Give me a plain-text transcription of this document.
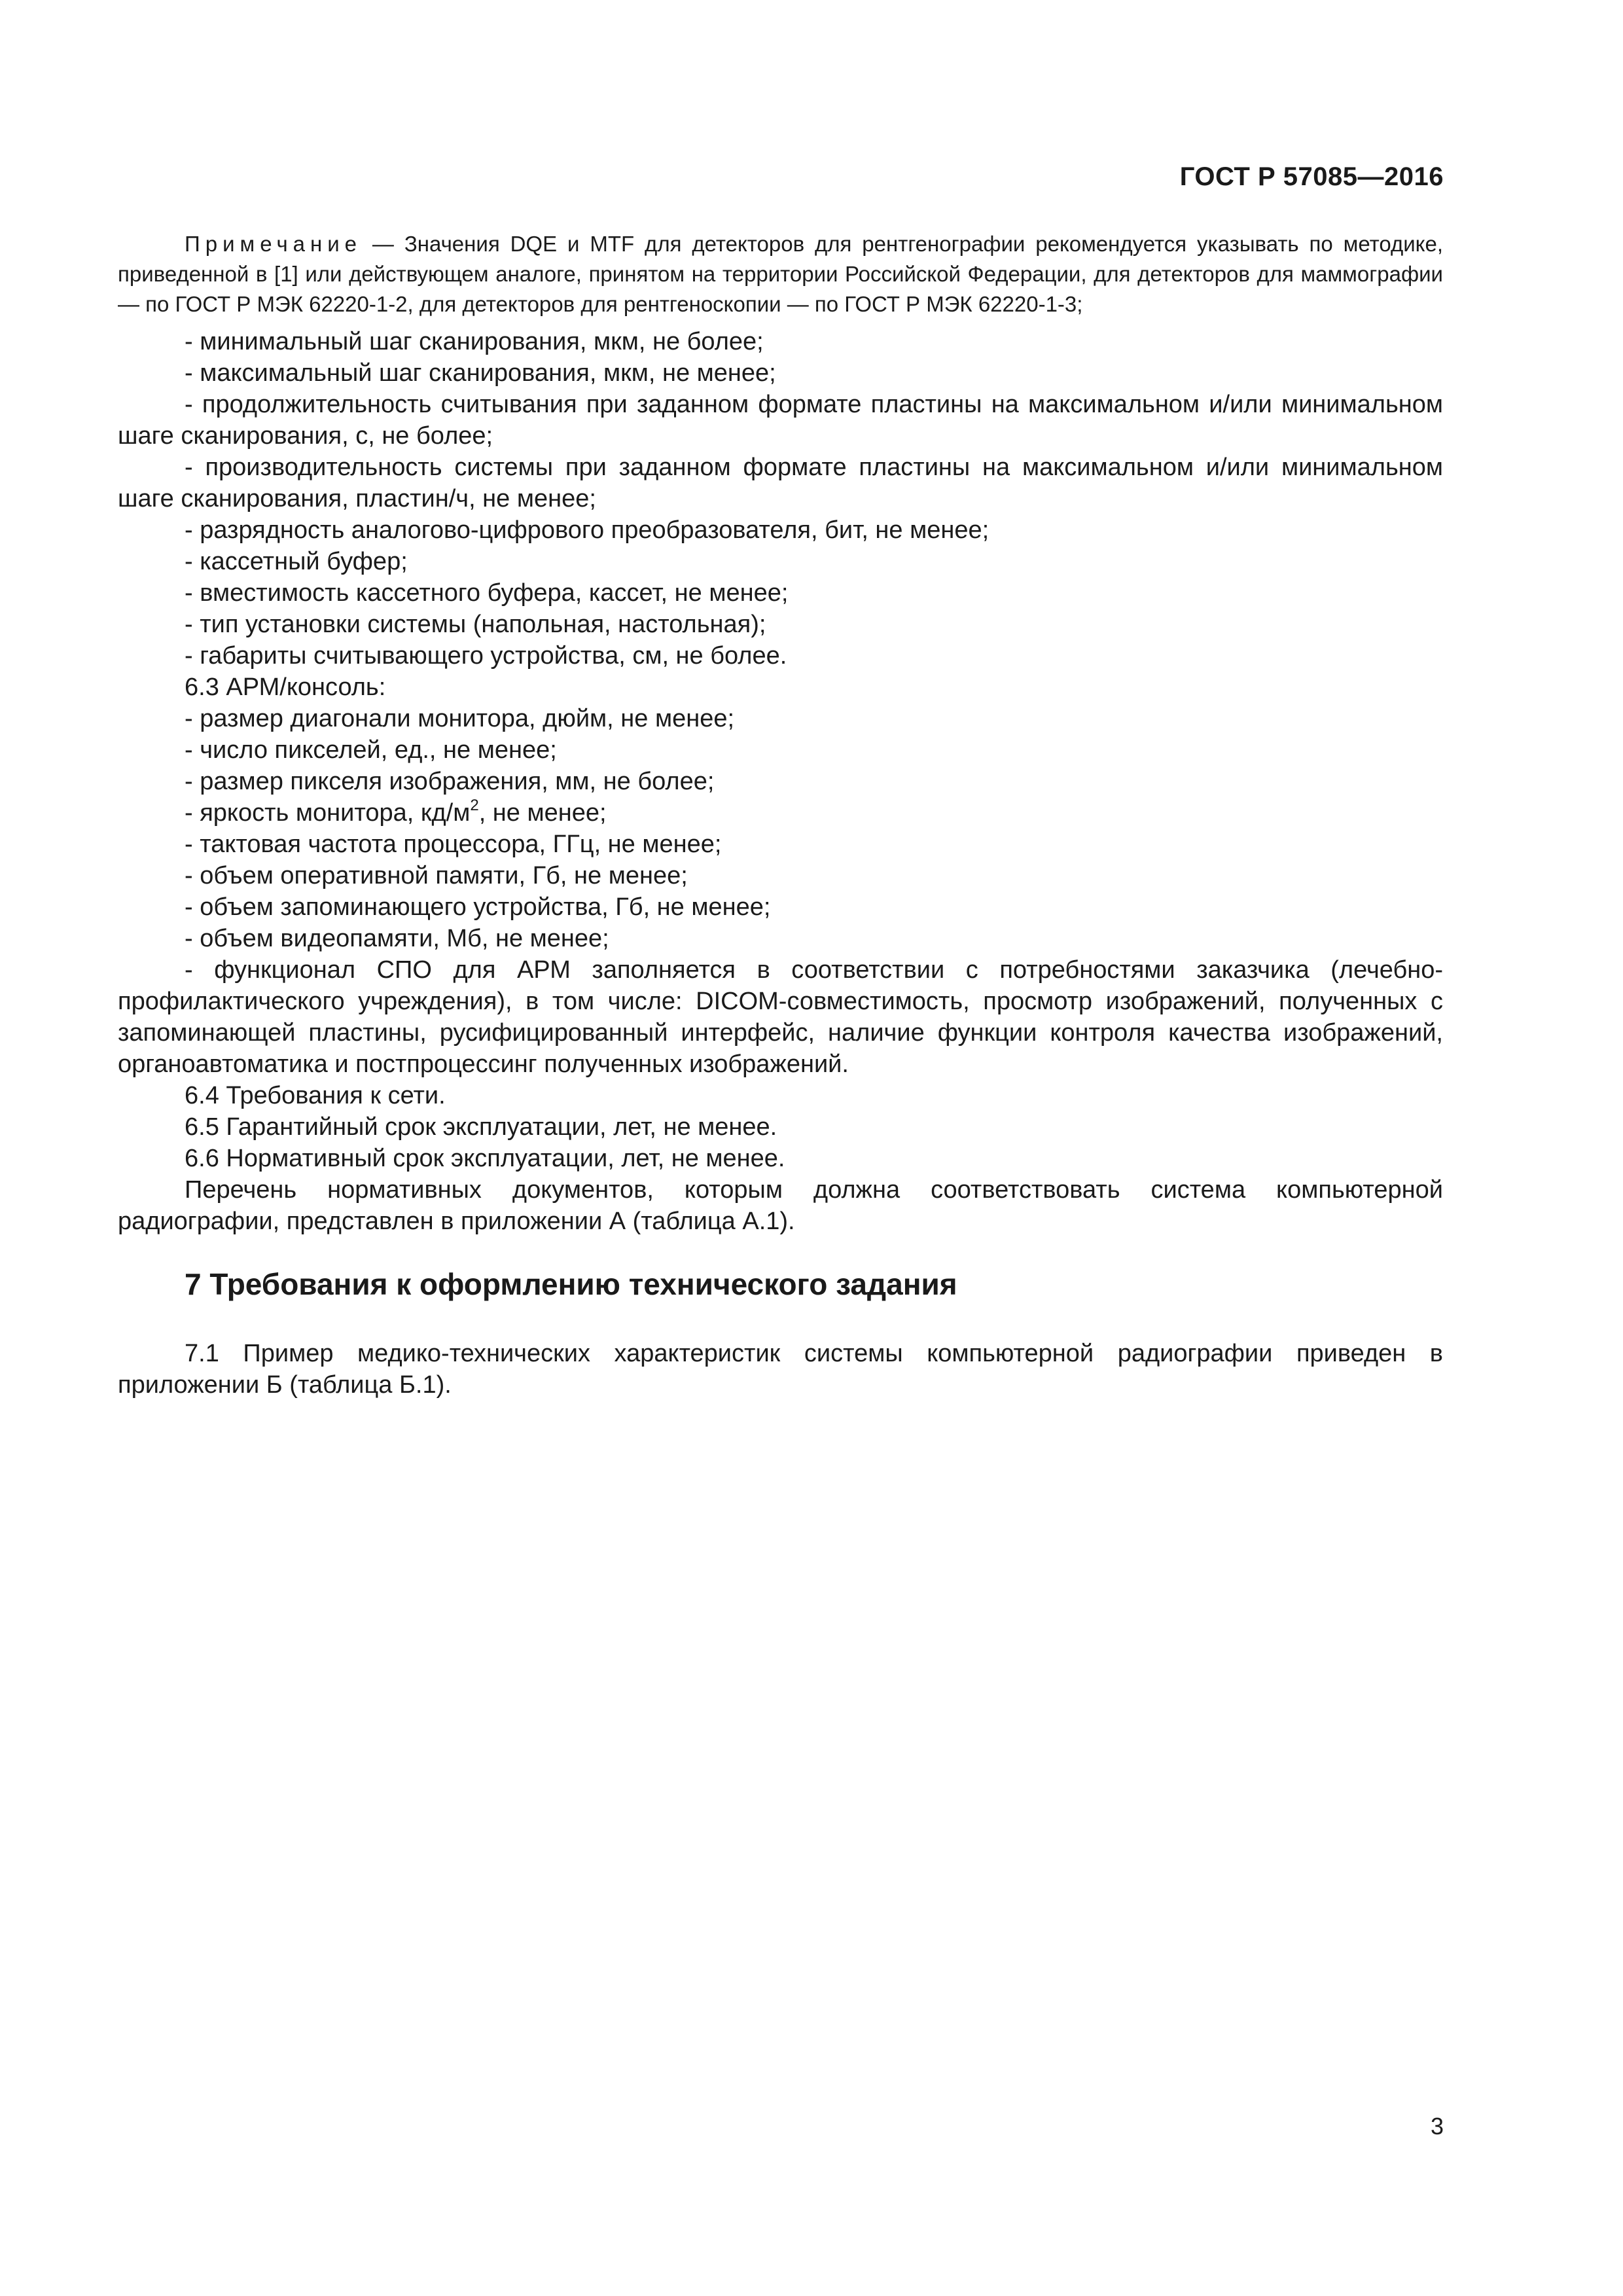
ГОСТ Р 57085—2016

Примечание — Значения DQE и MTF для детекторов для рентгенографии рекомендуется указывать по методике, приведенной в [1] или действующем аналоге, принятом на территории Российской Федерации, для детекторов для маммографии — по ГОСТ Р МЭК 62220-1-2, для детекторов для рентгеноскопии — по ГОСТ Р МЭК 62220-1-3;

- минимальный шаг сканирования, мкм, не более;

- максимальный шаг сканирования, мкм, не менее;

- продолжительность считывания при заданном формате пластины на максимальном и/или минимальном шаге сканирования, с, не более;

- производительность системы при заданном формате пластины на максимальном и/или минимальном шаге сканирования, пластин/ч, не менее;

- разрядность аналогово-цифрового преобразователя, бит, не менее;

- кассетный буфер;

- вместимость кассетного буфера, кассет, не менее;

- тип установки системы (напольная, настольная);

- габариты считывающего устройства, см, не более.

6.3 АРМ/консоль:

- размер диагонали монитора, дюйм, не менее;

- число пикселей, ед., не менее;

- размер пикселя изображения, мм, не более;

- яркость монитора, $кд/м^2$, не менее;

- тактовая частота процессора, ГГц, не менее;

- объем оперативной памяти, Гб, не менее;

- объем запоминающего устройства, Гб, не менее;

- объем видеопамяти, Мб, не менее;

- функционал СПО для АРМ заполняется в соответствии с потребностями заказчика (лечебно-профилактического учреждения), в том числе: DICOM-совместимость, просмотр изображений, полученных с запоминающей пластины, русифицированный интерфейс, наличие функции контроля качества изображений, органоавтоматика и постпроцессинг полученных изображений.

6.4 Требования к сети.

6.5 Гарантийный срок эксплуатации, лет, не менее.

6.6 Нормативный срок эксплуатации, лет, не менее.

Перечень нормативных документов, которым должна соответствовать система компьютерной радиографии, представлен в приложении А (таблица А.1).

7 Требования к оформлению технического задания

7.1 Пример медико-технических характеристик системы компьютерной радиографии приведен в приложении Б (таблица Б.1).

3
